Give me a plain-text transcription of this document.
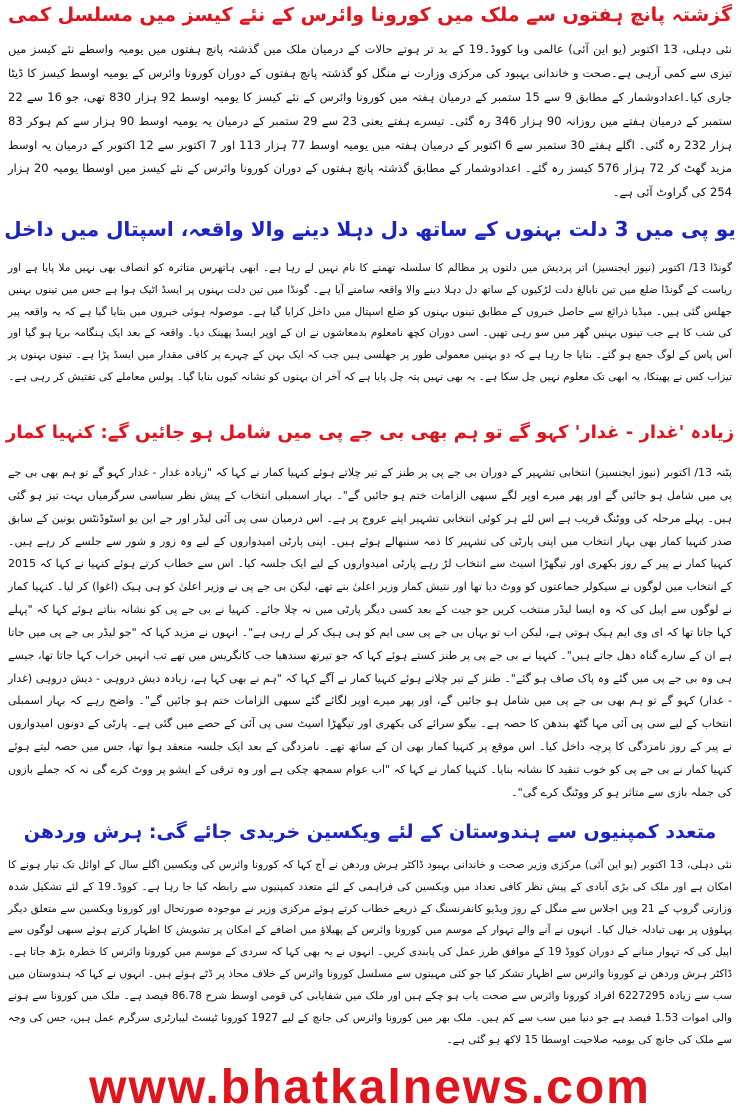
گزشتہ پانچ ہفتوں سے ملک میں کورونا وائرس کے نئے کیسز میں مسلسل کمی

نئی دہلی، 13 اکتوبر (یو این آئی) عالمی وبا کووڈ۔19 کے بد تر ہوتے حالات کے درمیان ملک میں گذشتہ پانچ ہفتوں میں یومیہ واسطے نئے کیسز میں تیزی سے کمی آرہی ہے۔صحت و خاندانی بہبود کی مرکزی وزارت نے منگل کو گذشتہ پانچ ہفتوں کے دوران کورونا وائرس کے یومیہ اوسط کیسز کا ڈیٹا جاری کیا۔اعدادوشمار کے مطابق 9 سے 15 ستمبر کے درمیان ہفتہ میں کورونا وائرس کے نئے کیسز کا یومیہ اوسط 92 ہزار 830 تھی، جو 16 سے 22 ستمبر کے درمیان ہفتے میں روزانہ 90 ہزار 346 رہ گئی۔ تیسرے ہفتے یعنی 23 سے 29 ستمبر کے درمیان یہ یومیہ اوسط 90 ہزار سے کم ہوکر 83 ہزار 232 رہ گئی۔ اگلے ہفتے 30 ستمبر سے 6 اکتوبر کے درمیان ہفتہ میں یومیہ اوسط 77 ہزار 113 اور 7 اکتوبر سے 12 اکتوبر کے درمیان یہ اوسط مزید گھٹ کر 72 ہزار 576 کیسز رہ گئے۔ اعدادوشمار کے مطابق گذشتہ پانچ ہفتوں کے دوران کورونا وائرس کے نئے کیسز میں اوسطا یومیہ 20 ہزار 254 کی گراوٹ آئی ہے۔

یو پی میں 3 دلت بہنوں کے ساتھ دل دہلا دینے والا واقعہ، اسپتال میں داخل

گونڈا 13/ اکتوبر (نیوز ایجنسیز) اتر پردیش میں دلتوں پر مظالم کا سلسلہ تھمنے کا نام نہیں لے رہا ہے۔ ابھی ہاتھرس متاثرہ کو انصاف بھی نہیں ملا پایا ہے اور ریاست کے گونڈا ضلع میں تین نابالغ دلت لڑکیوں کے ساتھ دل دہلا دینے والا واقعہ سامنے آیا ہے۔ گونڈا میں تین دلت بہنوں پر ایسڈ اٹیک ہوا ہے جس میں تینوں بہنیں جھلس گئی ہیں۔ میڈیا ذرائع سے حاصل خبروں کے مطابق تینوں بہنوں کو ضلع اسپتال میں داخل کرایا گیا ہے۔ موصولہ ہوئی خبروں میں بتایا گیا ہے کہ یہ واقعہ پیر کی شب کا ہے جب تینوں بہنیں گھر میں سو رہی تھیں۔ اسی دوران کچھ نامعلوم بدمعاشوں نے ان کے اوپر ایسڈ پھینک دیا۔ واقعہ کے بعد ایک ہنگامہ برپا ہو گیا اور آس پاس کے لوگ جمع ہو گئے۔ بتایا جا رہا ہے کہ دو بہنیں معمولی طور پر جھلسی ہیں جب کہ ایک بہن کے چہرے پر کافی مقدار میں ایسڈ پڑا ہے۔ تینوں بہنوں پر تیزاب کس نے پھینکا، یہ ابھی تک معلوم نہیں چل سکا ہے۔ یہ بھی نہیں پتہ چل پایا ہے کہ آخر ان بہنوں کو نشانہ کیوں بنایا گیا۔ پولس معاملے کی تفتیش کر رہی ہے۔

زیادہ 'غدار - غدار' کہو گے تو ہم بھی بی جے پی میں شامل ہو جائیں گے: کنہیا کمار

پٹنہ 13/ اکتوبر (نیوز ایجنسیز) انتخابی تشہیر کے دوران بی جے پی پر طنز کے تیر چلاتے ہوئے کنہیا کمار نے کہا کہ "زیادہ غدار - غدار کہو گے تو ہم بھی بی جے پی میں شامل ہو جائیں گے اور پھر میرے اوپر لگے سبھی الزامات ختم ہو جائیں گے"۔ بہار اسمبلی انتخاب کے پیش نظر سیاسی سرگرمیاں بہت تیز ہو گئی ہیں۔ پہلے مرحلہ کی ووٹنگ قریب ہے اس لئے ہر کوئی انتخابی تشہیر اپنے عروج پر ہے۔ اس درمیان سی پی آئی لیڈر اور جے این یو اسٹوڈنٹس یونین کے سابق صدر کنہیا کمار بھی بہار انتخاب میں اپنی پارٹی کی تشہیر کا ذمہ سنبھالے ہوئے ہیں۔ اپنی پارٹی امیدواروں کے لیے وہ زور و شور سے جلسے کر رہے ہیں۔ کنہیا کمار نے پیر کے روز بکھری اور تیگھڑا اسیٹ سے انتخاب لڑ رہے پارٹی امیدواروں کے لیے ایک جلسہ کیا۔ اس سے خطاب کرتے ہوئے کنہیا نے کہا کہ 2015 کے انتخاب میں لوگوں نے سیکولر جماعتوں کو ووٹ دیا تھا اور نتیش کمار وزیر اعلیٰ بنے تھے، لیکن بی جے پی نے وزیر اعلیٰ کو ہی ہیک (اغوا) کر لیا۔ کنہیا کمار نے لوگوں سے اپیل کی کہ وہ ایسا لیڈر منتخب کریں جو جیت کے بعد کسی دیگر پارٹی میں نہ چلا جائے۔ کنہیا نے بی جے پی کو نشانہ بناتے ہوئے کہا کہ "پہلے کہا جاتا تھا کہ ای وی ایم ہیک ہوتی ہے، لیکن اب تو یہاں بی جے پی سی ایم کو ہی ہیک کر لے رہی ہے"۔ انہوں نے مزید کہا کہ "جو لیڈر بی جے پی میں جاتا ہے ان کے سارے گناہ دھل جاتے ہیں"۔ کنہیا نے بی جے پی پر طنز کستے ہوئے کہا کہ جو تیرتھ سندھیا جب کانگریس میں تھے تب انہیں خراب کہا جاتا تھا، جیسے ہی وہ بی جے پی میں گئے وہ پاک صاف ہو گئے"۔ طنز کے تیر چلاتے ہوئے کنہیا کمار نے آگے کہا کہ "ہم نے بھی کہا ہے، زیادہ دیش دروہی - دیش دروہی (غدار - غدار) کہو گے تو ہم بھی بی جے پی میں شامل ہو جائیں گے، اور پھر میرے اوپر لگائے گئے سبھی الزامات ختم ہو جائیں گے"۔ واضح رہے کہ بہار اسمبلی انتخاب کے لیے سی پی آئی مہا گٹھ بندھن کا حصہ ہے۔ بیگو سرائے کی بکھری اور تیگھڑا اسیٹ سی پی آئی کے حصے میں گئی ہے۔ پارٹی کے دونوں امیدواروں نے پیر کے روز نامزدگی کا پرچہ داخل کیا۔ اس موقع پر کنہیا کمار بھی ان کے ساتھ تھے۔ نامزدگی کے بعد ایک جلسہ منعقد ہوا تھا، جس میں حصہ لیتے ہوئے کنہیا کمار نے بی جے پی کو خوب تنقید کا نشانہ بنایا۔ کنہیا کمار نے کہا کہ "اب عوام سمجھ چکی ہے اور وہ ترقی کے ایشو پر ووٹ کرے گی نہ کہ جملے بازوں کی جملہ بازی سے متاثر ہو کر ووٹنگ کرے گی"۔

متعدد کمپنیوں سے ہندوستان کے لئے ویکسین خریدی جائے گی: ہرش وردھن

نئی دہلی، 13 اکتوبر (یو این آئی) مرکزی وزیر صحت و خاندانی بہبود ڈاکٹر ہرش وردھن نے آج کہا کہ کورونا وائرس کی ویکسین اگلے سال کے اوائل تک تیار ہونے کا امکان ہے اور ملک کی بڑی آبادی کے پیش نظر کافی تعداد میں ویکسین کی فراہمی کے لئے متعدد کمپنیوں سے رابطہ کیا جا رہا ہے۔ کووڈ۔19 کے لئے تشکیل شدہ وزارتی گروپ کے 21 ویں اجلاس سے منگل کے روز ویڈیو کانفرنسنگ کے ذریعے خطاب کرتے ہوئے مرکزی وزیر نے موجودہ صورتحال اور کورونا ویکسین سے متعلق دیگر پہلوؤں پر بھی تبادلہ خیال کیا۔ انہوں نے آنے والے تہوار کے موسم میں کورونا وائرس کے پھیلاؤ میں اضافے کے امکان پر تشویش کا اظہار کرتے ہوئے سبھی لوگوں سے اپیل کی کہ تہوار منانے کے دوران کووڈ 19 کے موافق طرز عمل کی پابندی کریں۔ انہوں نے یہ بھی کہا کہ سردی کے موسم میں کورونا وائرس کا خطرہ بڑھ جاتا ہے۔ ڈاکٹر ہرش وردھن نے کورونا وائرس سے اظہار تشکر کیا جو کئی مہینوں سے مسلسل کورونا وائرس کے خلاف محاذ پر ڈٹے ہوئے ہیں۔ انہوں نے کہا کہ ہندوستان میں سب سے زیادہ 6227295 افراد کورونا وائرس سے صحت یاب ہو چکے ہیں اور ملک میں شفایابی کی قومی اوسط شرح 86.78 فیصد ہے۔ ملک میں کورونا سے ہونے والی اموات 1.53 فیصد ہے جو دنیا میں سب سے کم ہیں۔ ملک بھر میں کورونا وائرس کی جانچ کے لیے 1927 کورونا ٹیسٹ لیبارٹری سرگرم عمل ہیں، جس کی وجہ سے ملک کی جانچ کی یومیہ صلاحیت اوسطا 15 لاکھ ہو گئی ہے۔

www.bhatkalnews.com
